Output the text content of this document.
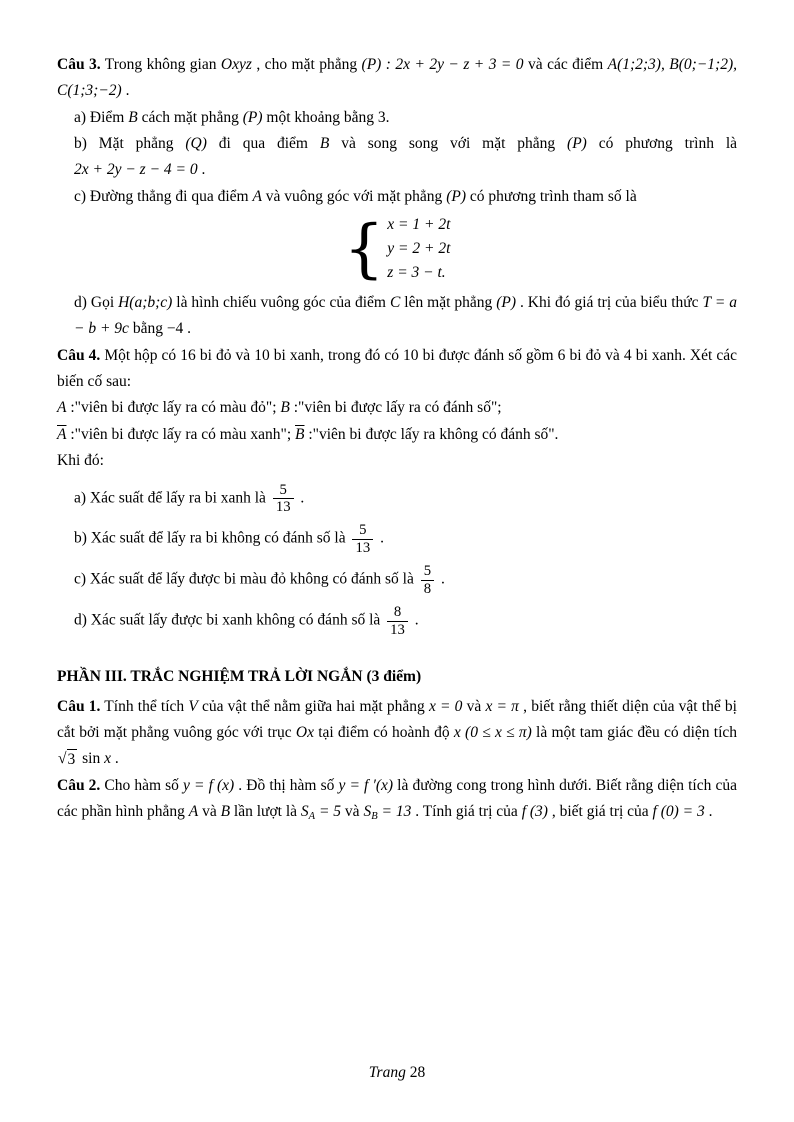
Câu 3. Trong không gian Oxyz , cho mặt phẳng (P) : 2x + 2y − z + 3 = 0 và các điểm A(1;2;3), B(0;−1;2), C(1;3;−2) .

a) Điểm B cách mặt phẳng (P) một khoảng bằng 3.

b) Mặt phẳng (Q) đi qua điểm B và song song với mặt phẳng (P) có phương trình là

2x + 2y − z − 4 = 0 .

c) Đường thẳng đi qua điểm A và vuông góc với mặt phẳng (P) có phương trình tham số là

{ x = 1 + 2t
y = 2 + 2t
z = 3 − t.

d) Gọi H(a;b;c) là hình chiếu vuông góc của điểm C lên mặt phẳng (P) . Khi đó giá trị của biểu thức T = a − b + 9c bằng −4 .

Câu 4. Một hộp có 16 bi đỏ và 10 bi xanh, trong đó có 10 bi được đánh số gồm 6 bi đỏ và 4 bi xanh. Xét các biến cố sau:

A :"viên bi được lấy ra có màu đỏ"; B :"viên bi được lấy ra có đánh số";

$\overline{A}$ :"viên bi được lấy ra có màu xanh"; $\overline{B}$ :"viên bi được lấy ra không có đánh số".

Khi đó:

a) Xác suất để lấy ra bi xanh là $\frac{5}{13}$ .

b) Xác suất để lấy ra bi không có đánh số là $\frac{5}{13}$ .

c) Xác suất để lấy được bi màu đỏ không có đánh số là $\frac{5}{8}$ .

d) Xác suất lấy được bi xanh không có đánh số là $\frac{8}{13}$ .

PHẦN III. TRẮC NGHIỆM TRẢ LỜI NGẮN (3 điểm)

Câu 1. Tính thể tích V của vật thể nằm giữa hai mặt phẳng x = 0 và x = π , biết rằng thiết diện của vật thể bị cắt bởi mặt phẳng vuông góc với trục Ox tại điểm có hoành độ x (0 ≤ x ≤ π) là một tam giác đều có diện tích
√ 3 sin x .

Câu 2. Cho hàm số y = f (x) . Đồ thị hàm số y = f ′(x) là đường cong trong hình dưới. Biết rằng diện tích của các phần hình phẳng A và B lần lượt là SA = 5 và SB = 13 . Tính giá trị của f (3) , biết giá trị của f (0) = 3 .

Trang 28
